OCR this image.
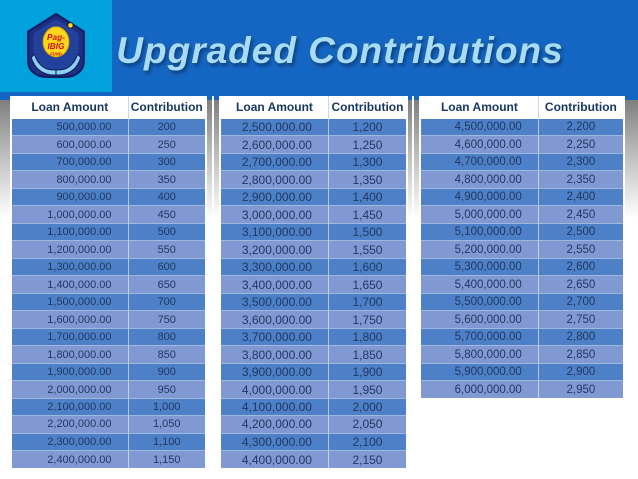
Pag-
IBIG
FUND	Upgraded Contributions
Loan Amount	Contribution
500,000.00	200
600,000.00	250
700,000.00	300
800,000.00	350
900,000.00	400
1,000,000.00	450
1,100,000.00	500
1,200,000.00	550
1,300,000.00	600
1,400,000.00	650
1,500,000.00	700
1,600,000.00	750
1,700,000.00	800
1,800,000.00	850
1,900,000.00	900
2,000,000.00	950
2,100,000.00	1,000
2,200,000.00	1,050
2,300,000.00	1,100
2,400,000.00	1,150
Loan Amount	Contribution
2,500,000.00	1,200
2,600,000.00	1,250
2,700,000.00	1,300
2,800,000.00	1,350
2,900,000.00	1,400
3,000,000.00	1,450
3,100,000.00	1,500
3,200,000.00	1,550
3,300,000.00	1,600
3,400,000.00	1,650
3,500,000.00	1,700
3,600,000.00	1,750
3,700,000.00	1,800
3,800,000.00	1,850
3,900,000.00	1,900
4,000,000.00	1,950
4,100,000.00	2,000
4,200,000.00	2,050
4,300,000.00	2,100
4,400,000.00	2,150
Loan Amount	Contribution
4,500,000.00	2,200
4,600,000.00	2,250
4,700,000.00	2,300
4,800,000.00	2,350
4,900,000.00	2,400
5,000,000.00	2,450
5,100,000.00	2,500
5,200,000.00	2,550
5,300,000.00	2,600
5,400,000.00	2,650
5,500,000.00	2,700
5,600,000.00	2,750
5,700,000.00	2,800
5,800,000.00	2,850
5,900,000.00	2,900
6,000,000.00	2,950
